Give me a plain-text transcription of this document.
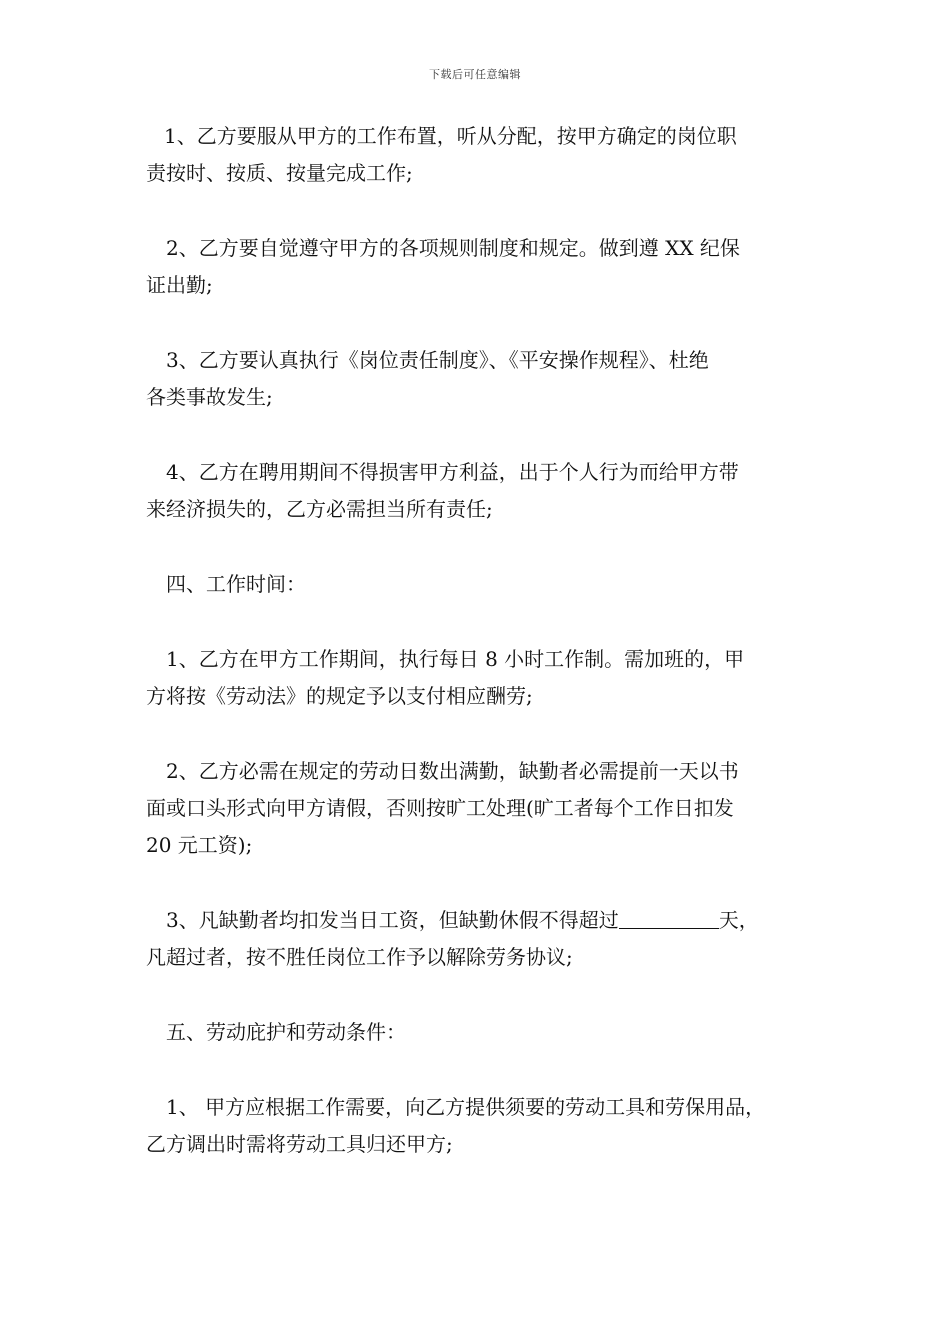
下载后可任意编辑
1、乙方要服从甲方的工作布置，听从分配，按甲方确定的岗位职
责按时、按质、按量完成工作;
2、乙方要自觉遵守甲方的各项规则制度和规定。做到遵 XX 纪保
证出勤;
3、乙方要认真执行《岗位责任制度》、《平安操作规程》、杜绝
各类事故发生;
4、乙方在聘用期间不得损害甲方利益，出于个人行为而给甲方带
来经济损失的，乙方必需担当所有责任;
四、工作时间：
1、乙方在甲方工作期间，执行每日 8 小时工作制。需加班的，甲
方将按《劳动法》的规定予以支付相应酬劳;
2、乙方必需在规定的劳动日数出满勤，缺勤者必需提前一天以书
面或口头形式向甲方请假，否则按旷工处理(旷工者每个工作日扣发
20 元工资);
3、凡缺勤者均扣发当日工资，但缺勤休假不得超过	天，
凡超过者，按不胜任岗位工作予以解除劳务协议;
五、劳动庇护和劳动条件：
1、 甲方应根据工作需要，向乙方提供须要的劳动工具和劳保用品，
乙方调出时需将劳动工具归还甲方;
